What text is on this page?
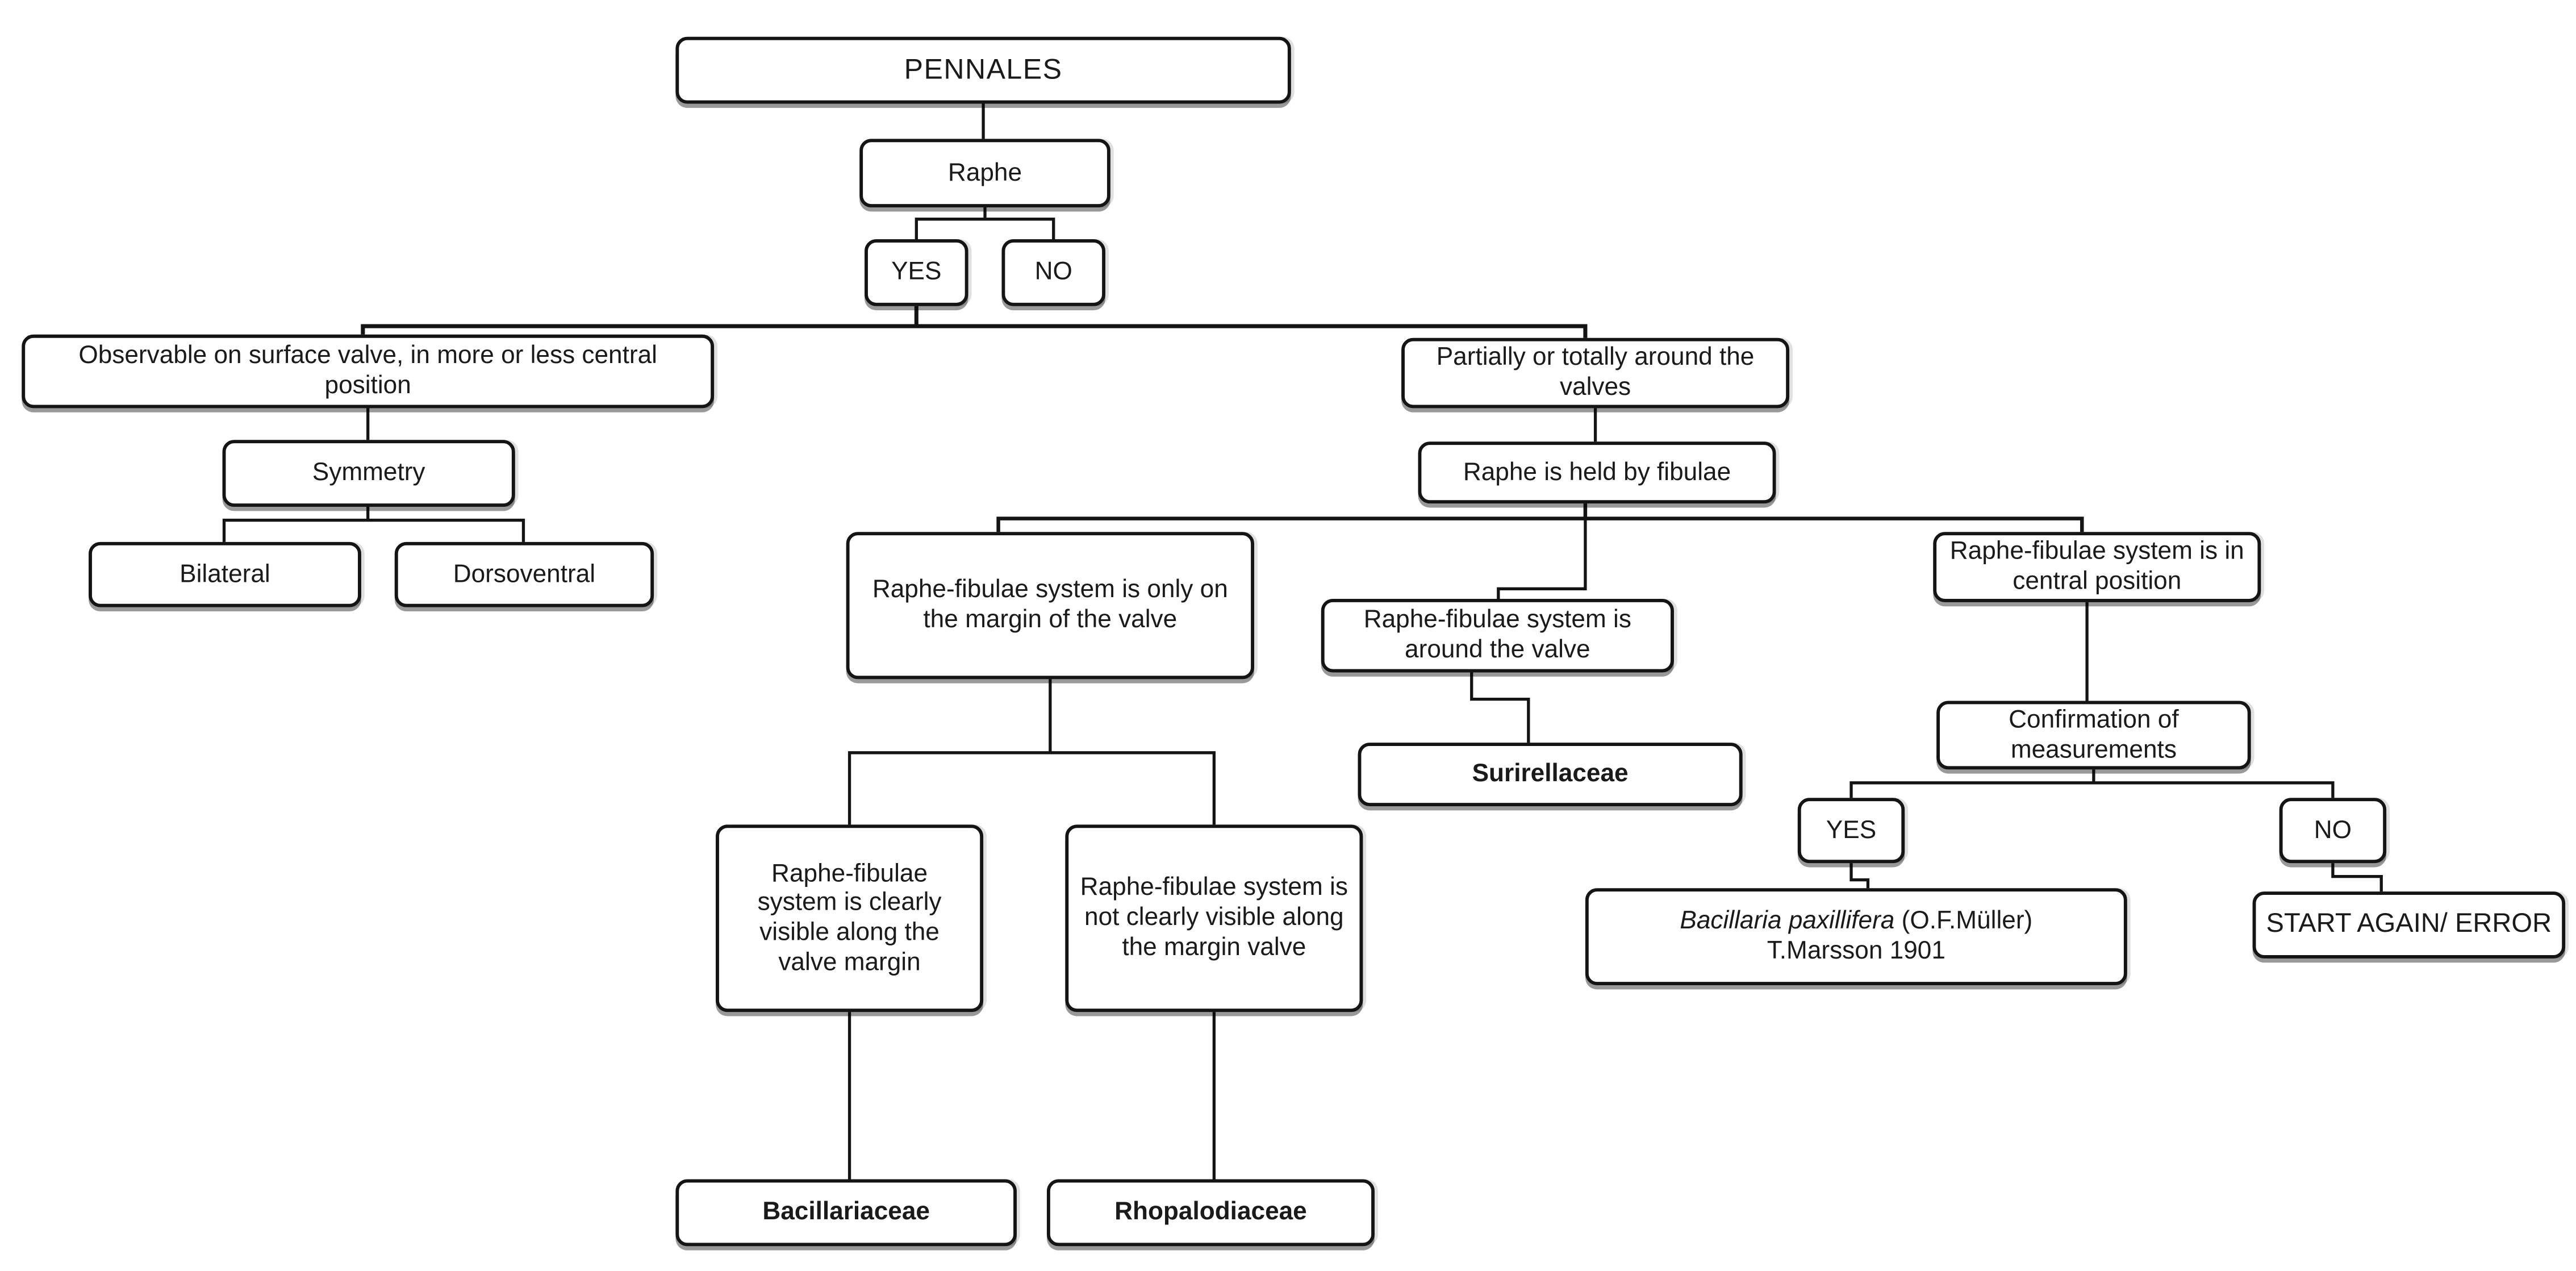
PENNALES
Raphe
YES	NO
Observable on surface valve, in more or less central position
Partially or totally around the valves
Symmetry	Raphe is held by fibulae
Bilateral	Dorsoventral
Raphe-fibulae system is only on the margin of the valve
Raphe-fibulae system is in central position
Raphe-fibulae system is around the valve
Surirellaceae
Confirmation of measurements
YES	NO
Bacillaria paxillifera (O.F.Müller)
T.Marsson 1901
START AGAIN/ ERROR
Raphe-fibulae system is clearly visible along the valve margin
Raphe-fibulae system is not clearly visible along the margin valve
Bacillariaceae	Rhopalodiaceae
